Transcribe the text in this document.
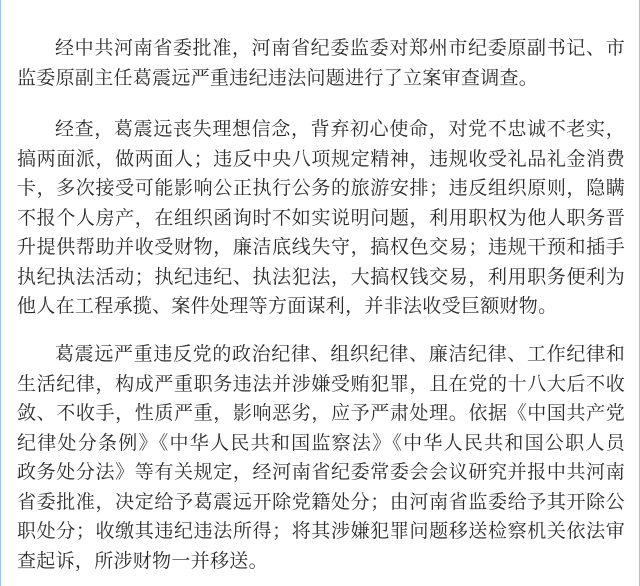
经中共河南省委批准，河南省纪委监委对郑州市纪委原副书记、市
监委原副主任葛震远严重违纪违法问题进行了立案审查调查。

经查，葛震远丧失理想信念，背弃初心使命，对党不忠诚不老实，
搞两面派，做两面人；违反中央八项规定精神，违规收受礼品礼金消费
卡，多次接受可能影响公正执行公务的旅游安排；违反组织原则，隐瞒
不报个人房产，在组织函询时不如实说明问题，利用职权为他人职务晋
升提供帮助并收受财物，廉洁底线失守，搞权色交易；违规干预和插手
执纪执法活动；执纪违纪、执法犯法，大搞权钱交易，利用职务便利为
他人在工程承揽、案件处理等方面谋利，并非法收受巨额财物。

葛震远严重违反党的政治纪律、组织纪律、廉洁纪律、工作纪律和
生活纪律，构成严重职务违法并涉嫌受贿犯罪，且在党的十八大后不收
敛、不收手，性质严重，影响恶劣，应予严肃处理。依据《中国共产党
纪律处分条例》《中华人民共和国监察法》《中华人民共和国公职人员
政务处分法》等有关规定，经河南省纪委常委会会议研究并报中共河南
省委批准，决定给予葛震远开除党籍处分；由河南省监委给予其开除公
职处分；收缴其违纪违法所得；将其涉嫌犯罪问题移送检察机关依法审
查起诉，所涉财物一并移送。
